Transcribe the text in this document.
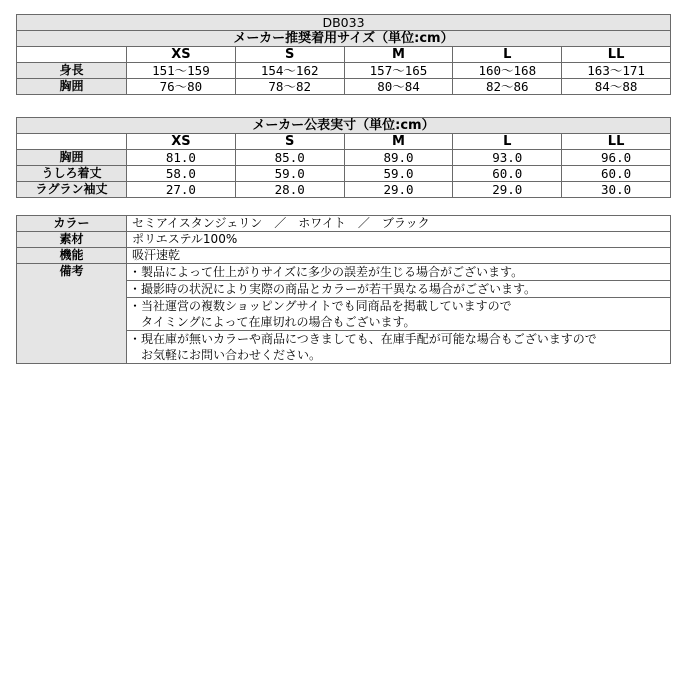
DB033					
メーカー推奨着用サイズ（単位:cm）					
	XS	S	M	L	LL
身長	151～159	154～162	157～165	160～168	163～171
胸囲	76～80	78～82	80～84	82～86	84～88
メーカー公表実寸（単位:cm）					
	XS	S	M	L	LL
胸囲	81.0	85.0	89.0	93.0	96.0
うしろ着丈	58.0	59.0	59.0	60.0	60.0
ラグラン袖丈	27.0	28.0	29.0	29.0	30.0
カラー	セミアイスタンジェリン　／　ホワイト　／　ブラック
素材	ポリエステル100%
機能	吸汗速乾
備考	・製品によって仕上がりサイズに多少の誤差が生じる場合がございます。

	・撮影時の状況により実際の商品とカラーが若干異なる場合がございます。

	・当社運営の複数ショッピングサイトでも同商品を掲載していますので
　タイミングによって在庫切れの場合もございます。

	・現在庫が無いカラーや商品につきましても、在庫手配が可能な場合もございますので
　お気軽にお問い合わせください。
